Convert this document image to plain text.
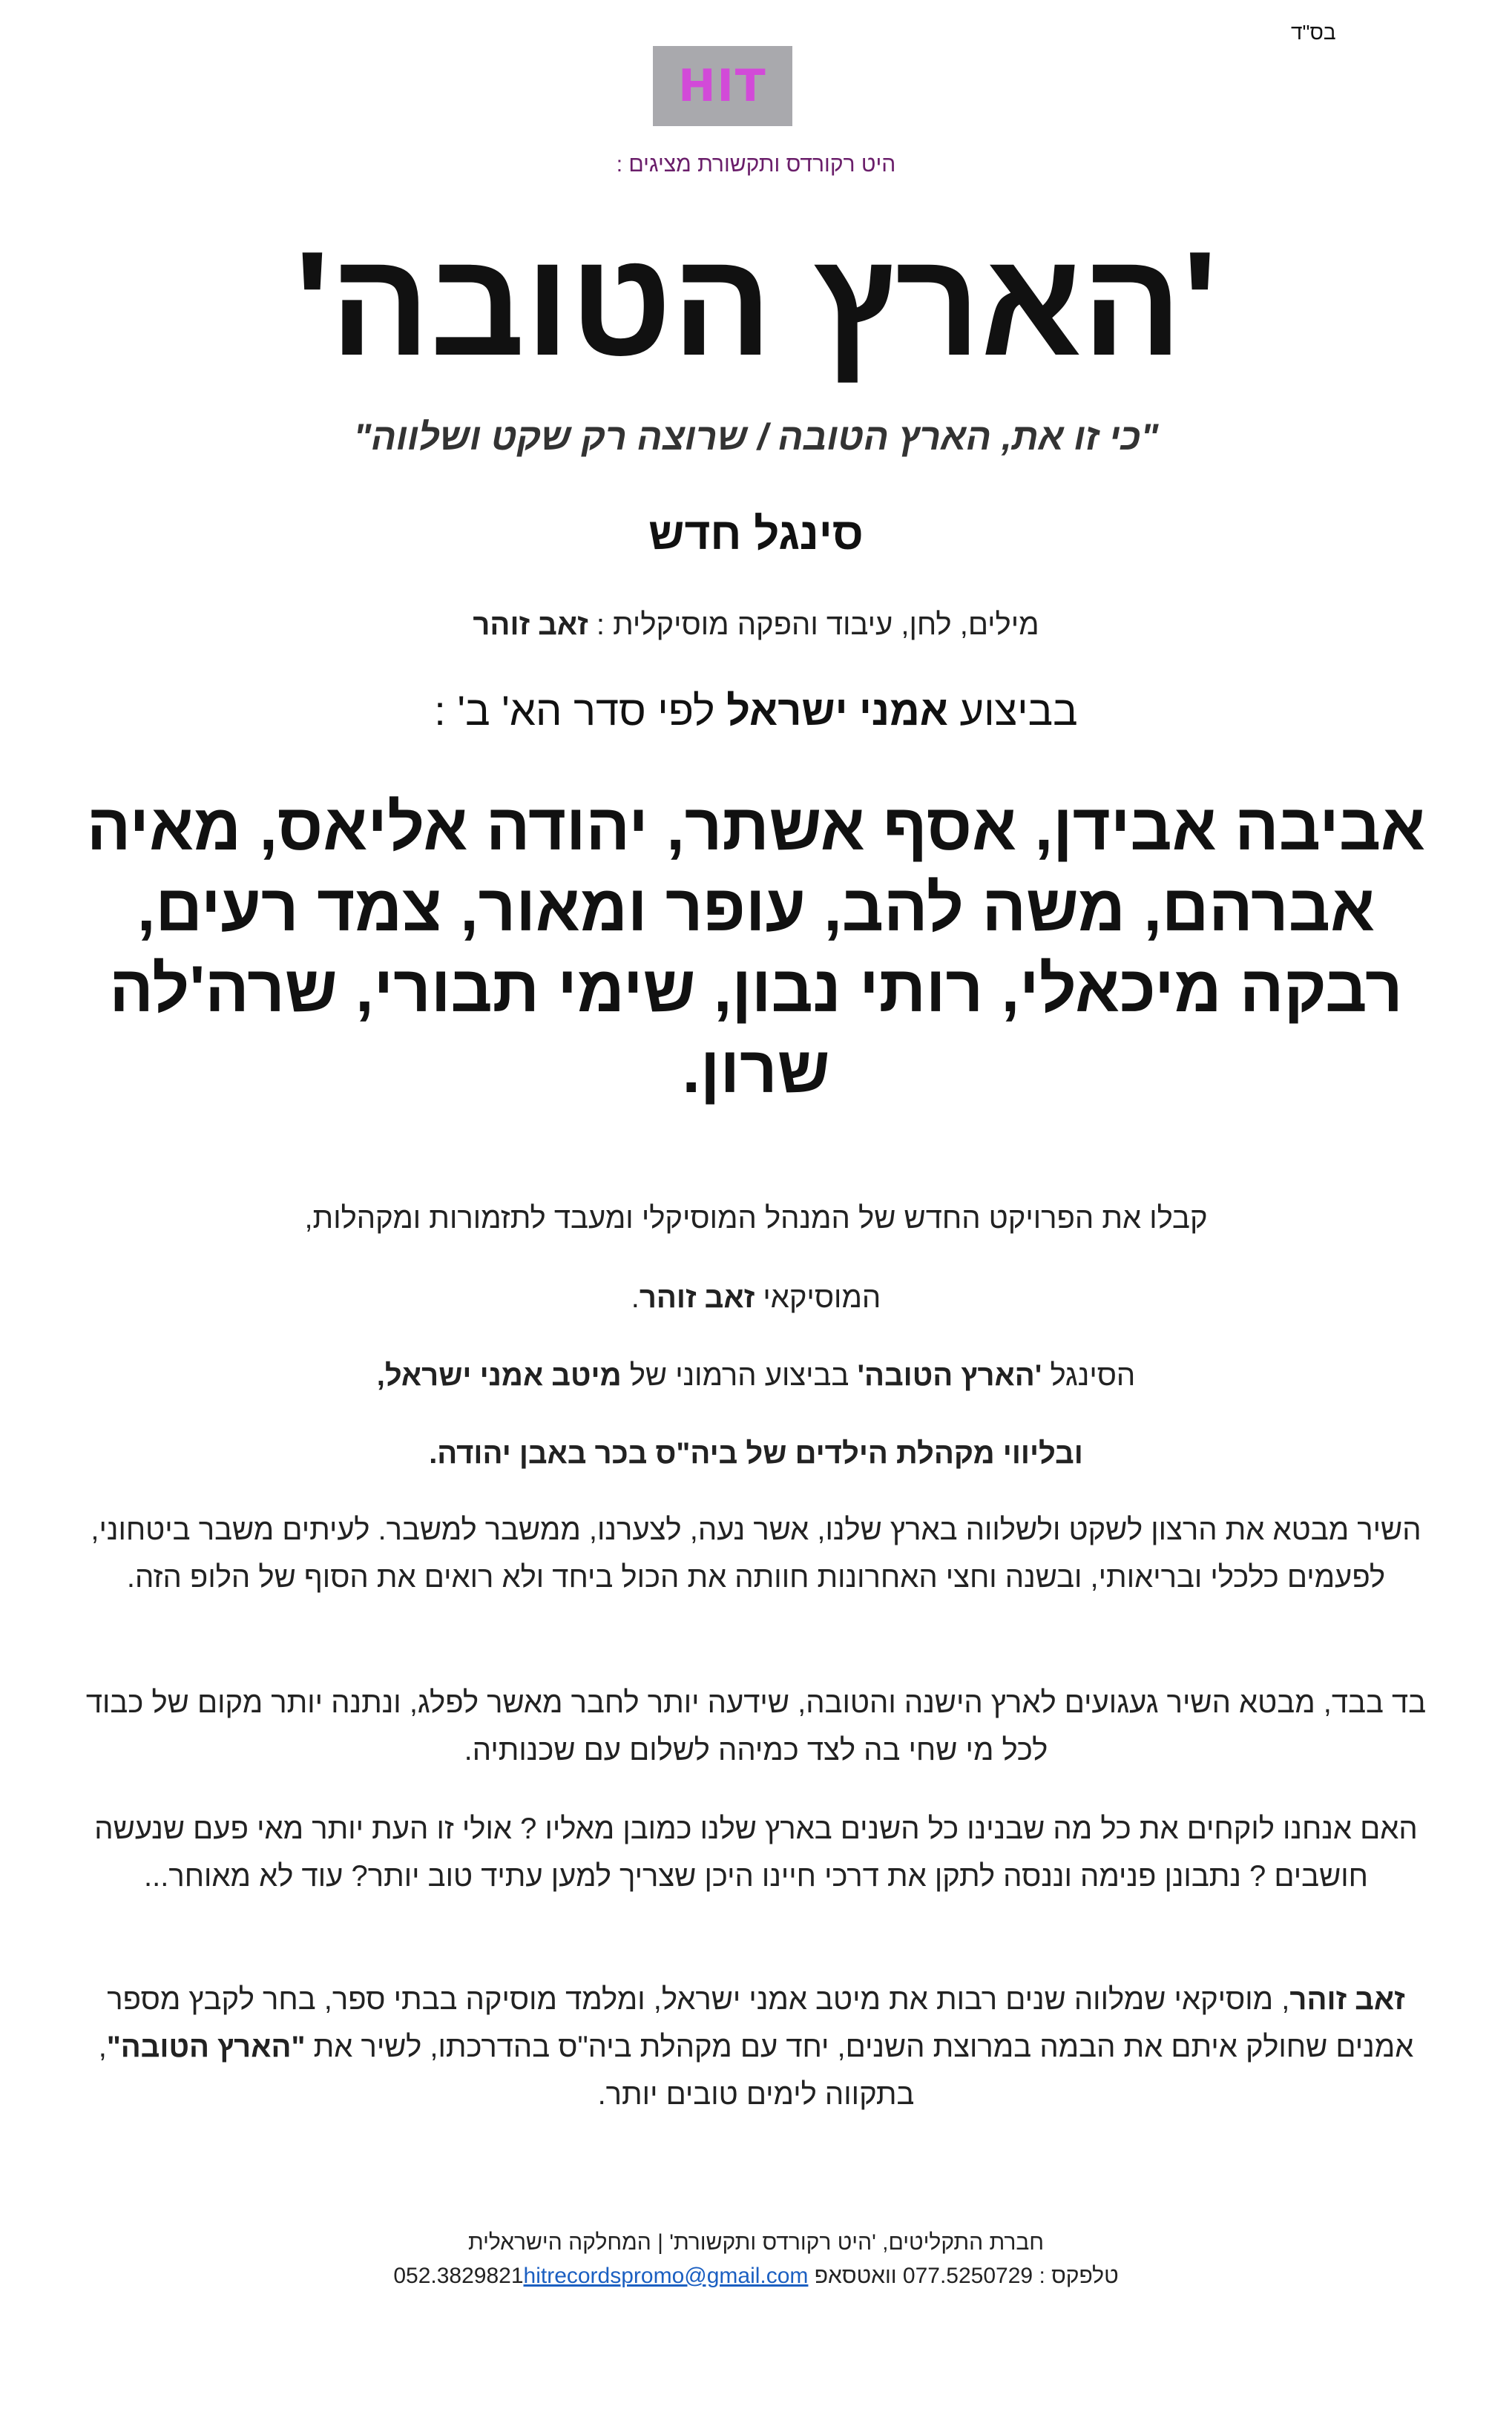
בס"ד
HIT
היט רקורדס ותקשורת מציגים :
'הארץ הטובה'
"כי זו את, הארץ הטובה / שרוצה רק שקט ושלווה"
סינגל חדש
מילים, לחן, עיבוד והפקה מוסיקלית : זאב זוהר
בביצוע אמני ישראל לפי סדר הא' ב' :
אביבה אבידן, אסף אשתר, יהודה אליאס, מאיה אברהם, משה להב, עופר ומאור, צמד רעים, רבקה מיכאלי, רותי נבון, שימי תבורי, שרה'לה שרון.
קבלו את הפרויקט החדש של המנהל המוסיקלי ומעבד לתזמורות ומקהלות,
המוסיקאי זאב זוהר.
הסינגל 'הארץ הטובה' בביצוע הרמוני של מיטב אמני ישראל,
ובליווי מקהלת הילדים של ביה"ס בכר באבן יהודה.
השיר מבטא את הרצון לשקט ולשלווה בארץ שלנו, אשר נעה, לצערנו, ממשבר למשבר. לעיתים משבר ביטחוני, לפעמים כלכלי ובריאותי, ובשנה וחצי האחרונות חוותה את הכול ביחד ולא רואים את הסוף של הלופ הזה.
בד בבד, מבטא השיר געגועים לארץ הישנה והטובה, שידעה יותר לחבר מאשר לפלג, ונתנה יותר מקום של כבוד לכל מי שחי בה לצד כמיהה לשלום עם שכנותיה.
האם אנחנו לוקחים את כל מה שבנינו כל השנים בארץ שלנו כמובן מאליו ? אולי זו העת יותר מאי פעם שנעשה חושבים ? נתבונן פנימה וננסה לתקן את דרכי חיינו היכן שצריך למען עתיד טוב יותר? עוד לא מאוחר...
זאב זוהר, מוסיקאי שמלווה שנים רבות את מיטב אמני ישראל, ומלמד מוסיקה בבתי ספר, בחר לקבץ מספר אמנים שחולק איתם את הבמה במרוצת השנים, יחד עם מקהלת ביה"ס בהדרכתו, לשיר את "הארץ הטובה", בתקווה לימים טובים יותר.
חברת התקליטים, 'היט רקורדס ותקשורת' | המחלקה הישראלית
טלפקס : 077.5250729 וואטסאפ 052.3829821hitrecordspromo@gmail.com
